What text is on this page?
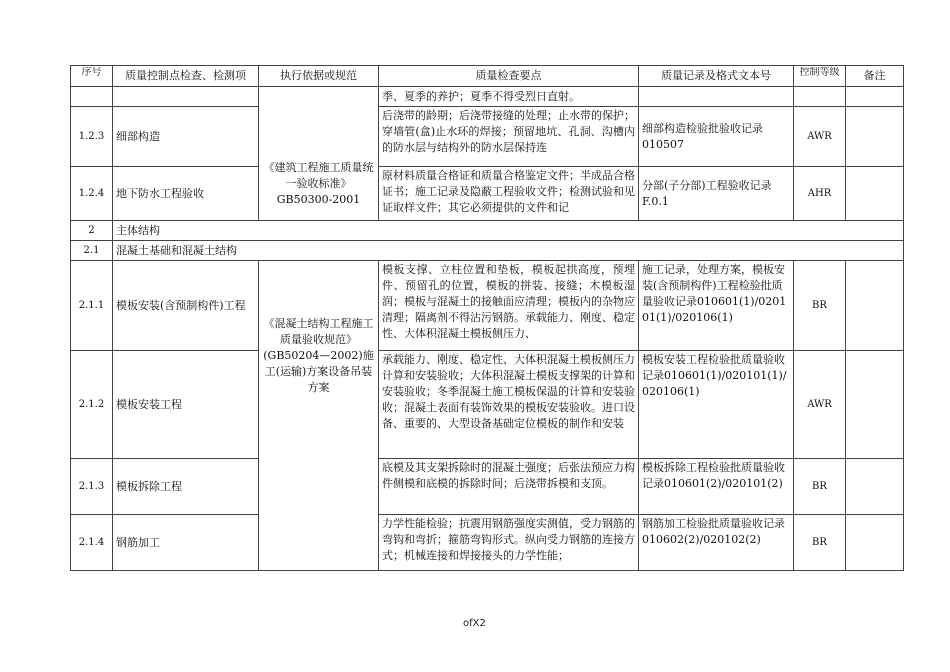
序号	质量控制点检查、检测项	执行依据或规范	质量检查要点	质量记录及格式文本号	控制等级	备注

		《建筑工程施工质量统一验收标准》GB50300-2001	季、夏季的养护；夏季不得受烈日直射。			

1.2.3	细部构造		后浇带的龄期；后浇带接缝的处理；止水带的保护；穿墙管(盒)止水环的焊接；预留地坑、孔洞、沟槽内的防水层与结构外的防水层保持连	细部构造检验批验收记录010507	AWR	
1.2.4	地下防水工程验收		原材料质量合格证和质量合格鉴定文件；半成品合格证书；施工记录及隐蔽工程验收文件；检测试验和见证取样文件；其它必须提供的文件和记	分部(子分部)工程验收记录F.0.1	AHR	
2	主体结构					
2.1	混凝土基础和混凝土结构					
2.1.1	模板安装(含预制构件)工程	《混凝土结构工程施工质量验收规范》(GB50204—2002)施工(运输)方案设备吊装方案	模板支撑、立柱位置和垫板，模板起拱高度，预埋件、预留孔的位置，模板的拼装、接缝；木模板湿润；模板与混凝土的接触面应清理；模板内的杂物应清理；隔离剂不得沾污钢筋。承载能力、刚度、稳定性、大体积混凝土模板侧压力、	施工记录，处理方案，模板安装(含预制构件)工程检验批质量验收记录010601(1)/020101(1)/020106(1)	BR	
2.1.2	模板安装工程		承载能力、刚度、稳定性、大体积混凝土模板侧压力计算和安装验收；大体积混凝土模板支撑架的计算和安装验收；冬季混凝土施工模板保温的计算和安装验收；混凝土表面有装饰效果的模板安装验收。进口设备、重要的、大型设备基础定位模板的制作和安装	模板安装工程检验批质量验收记录010601(1)/020101(1)/020106(1)	AWR	
2.1.3	模板拆除工程		底模及其支架拆除时的混凝土强度；后张法预应力构件侧模和底模的拆除时间；后浇带拆模和支顶。	模板拆除工程检验批质量验收记录010601(2)/020101(2)	BR	
2.1.4	钢筋加工		力学性能检验；抗震用钢筋强度实测值，受力钢筋的弯钩和弯折；箍筋弯钩形式。纵向受力钢筋的连接方式；机械连接和焊接接头的力学性能；	钢筋加工检验批质量验收记录010602(2)/020102(2)	BR	
ofX2
